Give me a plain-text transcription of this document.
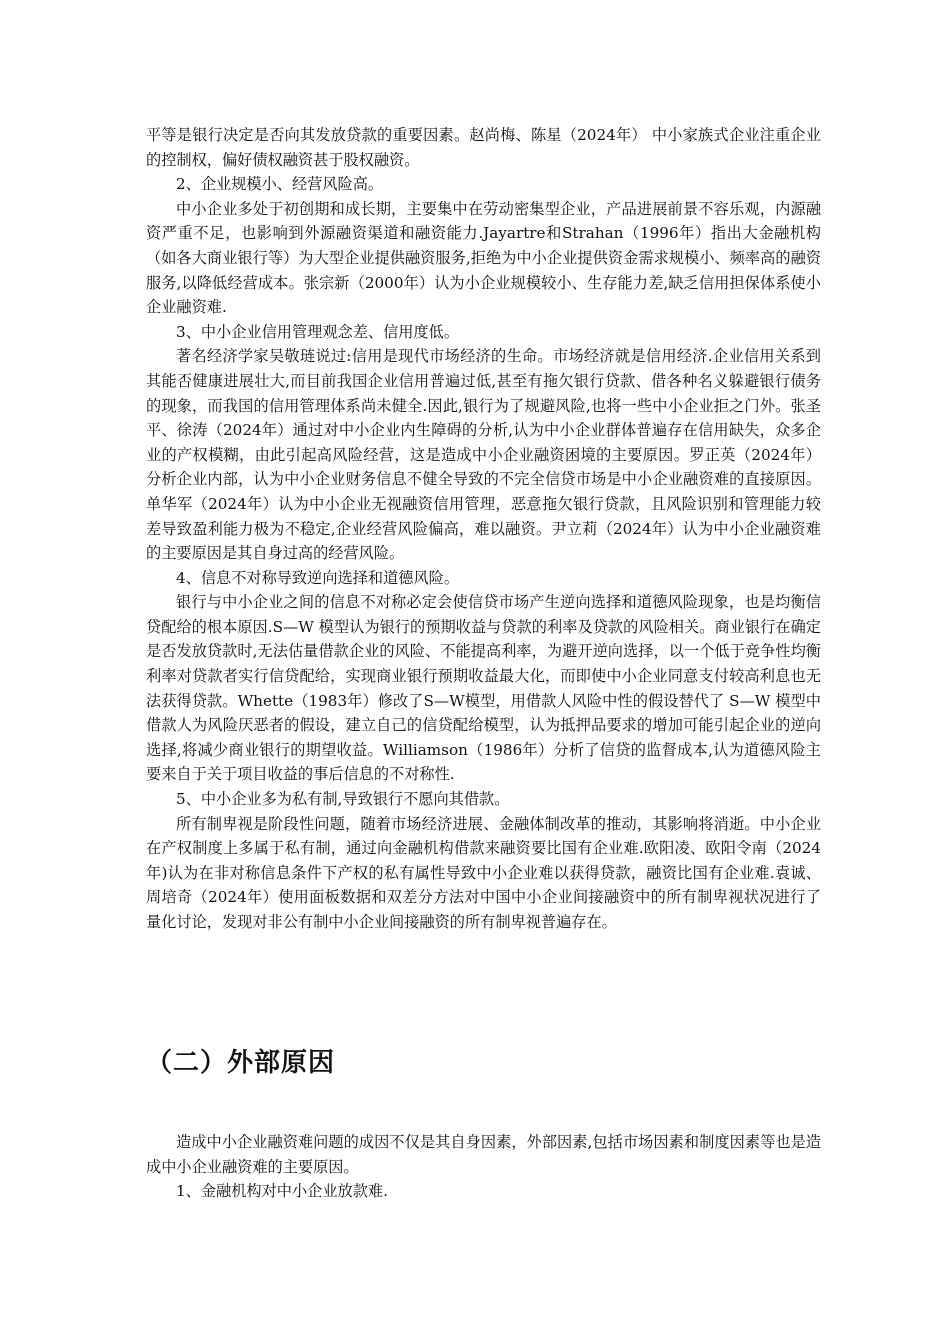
平等是银行决定是否向其发放贷款的重要因素。赵尚梅、陈星（2024年） 中小家族式企业注重企业的控制权，偏好债权融资甚于股权融资。

2、企业规模小、经营风险高。

中小企业多处于初创期和成长期，主要集中在劳动密集型企业，产品进展前景不容乐观，内源融资严重不足，也影响到外源融资渠道和融资能力.Jayartre和Strahan（1996年）指出大金融机构（如各大商业银行等）为大型企业提供融资服务,拒绝为中小企业提供资金需求规模小、频率高的融资服务,以降低经营成本。张宗新（2000年）认为小企业规模较小、生存能力差,缺乏信用担保体系使小企业融资难.

3、中小企业信用管理观念差、信用度低。

著名经济学家吴敬琏说过:信用是现代市场经济的生命。市场经济就是信用经济.企业信用关系到其能否健康进展壮大,而目前我国企业信用普遍过低,甚至有拖欠银行贷款、借各种名义躲避银行债务的现象，而我国的信用管理体系尚未健全.因此,银行为了规避风险,也将一些中小企业拒之门外。张圣平、徐涛（2024年）通过对中小企业内生障碍的分析,认为中小企业群体普遍存在信用缺失，众多企业的产权模糊，由此引起高风险经营，这是造成中小企业融资困境的主要原因。罗正英（2024年）分析企业内部，认为中小企业财务信息不健全导致的不完全信贷市场是中小企业融资难的直接原因。单华军（2024年）认为中小企业无视融资信用管理，恶意拖欠银行贷款，且风险识别和管理能力较差导致盈利能力极为不稳定,企业经营风险偏高，难以融资。尹立莉（2024年）认为中小企业融资难的主要原因是其自身过高的经营风险。

4、信息不对称导致逆向选择和道德风险。

银行与中小企业之间的信息不对称必定会使信贷市场产生逆向选择和道德风险现象，也是均衡信贷配给的根本原因.S—W 模型认为银行的预期收益与贷款的利率及贷款的风险相关。商业银行在确定是否发放贷款时,无法估量借款企业的风险、不能提高利率，为避开逆向选择，以一个低于竞争性均衡利率对贷款者实行信贷配给，实现商业银行预期收益最大化，而即使中小企业同意支付较高利息也无法获得贷款。Whette（1983年）修改了S—W模型，用借款人风险中性的假设替代了 S—W 模型中借款人为风险厌恶者的假设，建立自己的信贷配给模型，认为抵押品要求的增加可能引起企业的逆向选择,将减少商业银行的期望收益。Williamson（1986年）分析了信贷的监督成本,认为道德风险主要来自于关于项目收益的事后信息的不对称性.

5、中小企业多为私有制,导致银行不愿向其借款。

所有制卑视是阶段性问题，随着市场经济进展、金融体制改革的推动，其影响将消逝。中小企业在产权制度上多属于私有制，通过向金融机构借款来融资要比国有企业难.欧阳凌、欧阳令南（2024年)认为在非对称信息条件下产权的私有属性导致中小企业难以获得贷款，融资比国有企业难.袁诚、周培奇（2024年）使用面板数据和双差分方法对中国中小企业间接融资中的所有制卑视状况进行了量化讨论，发现对非公有制中小企业间接融资的所有制卑视普遍存在。

（二）外部原因

造成中小企业融资难问题的成因不仅是其自身因素，外部因素,包括市场因素和制度因素等也是造成中小企业融资难的主要原因。

1、金融机构对中小企业放款难.
